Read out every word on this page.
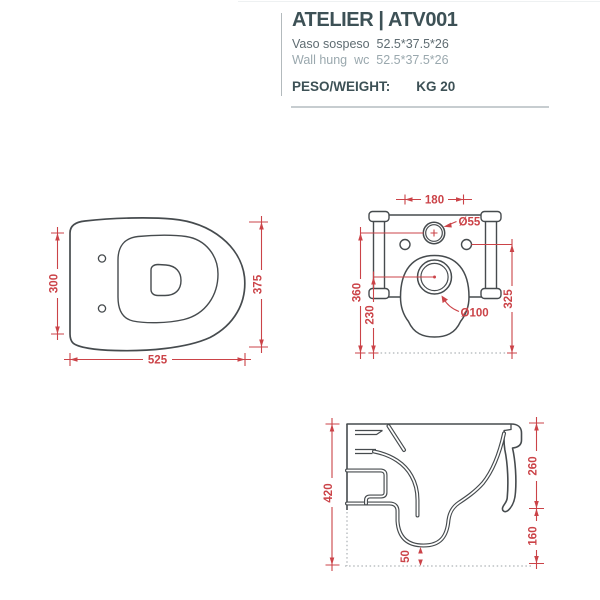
ATELIER | ATV001
Vaso sospeso  52.5*37.5*26
Wall hung  wc  52.5*37.5*26
PESO/WEIGHT: KG 20
300	375
525
180
Ø55
Ø100
360
230
325
420
260
160
50
